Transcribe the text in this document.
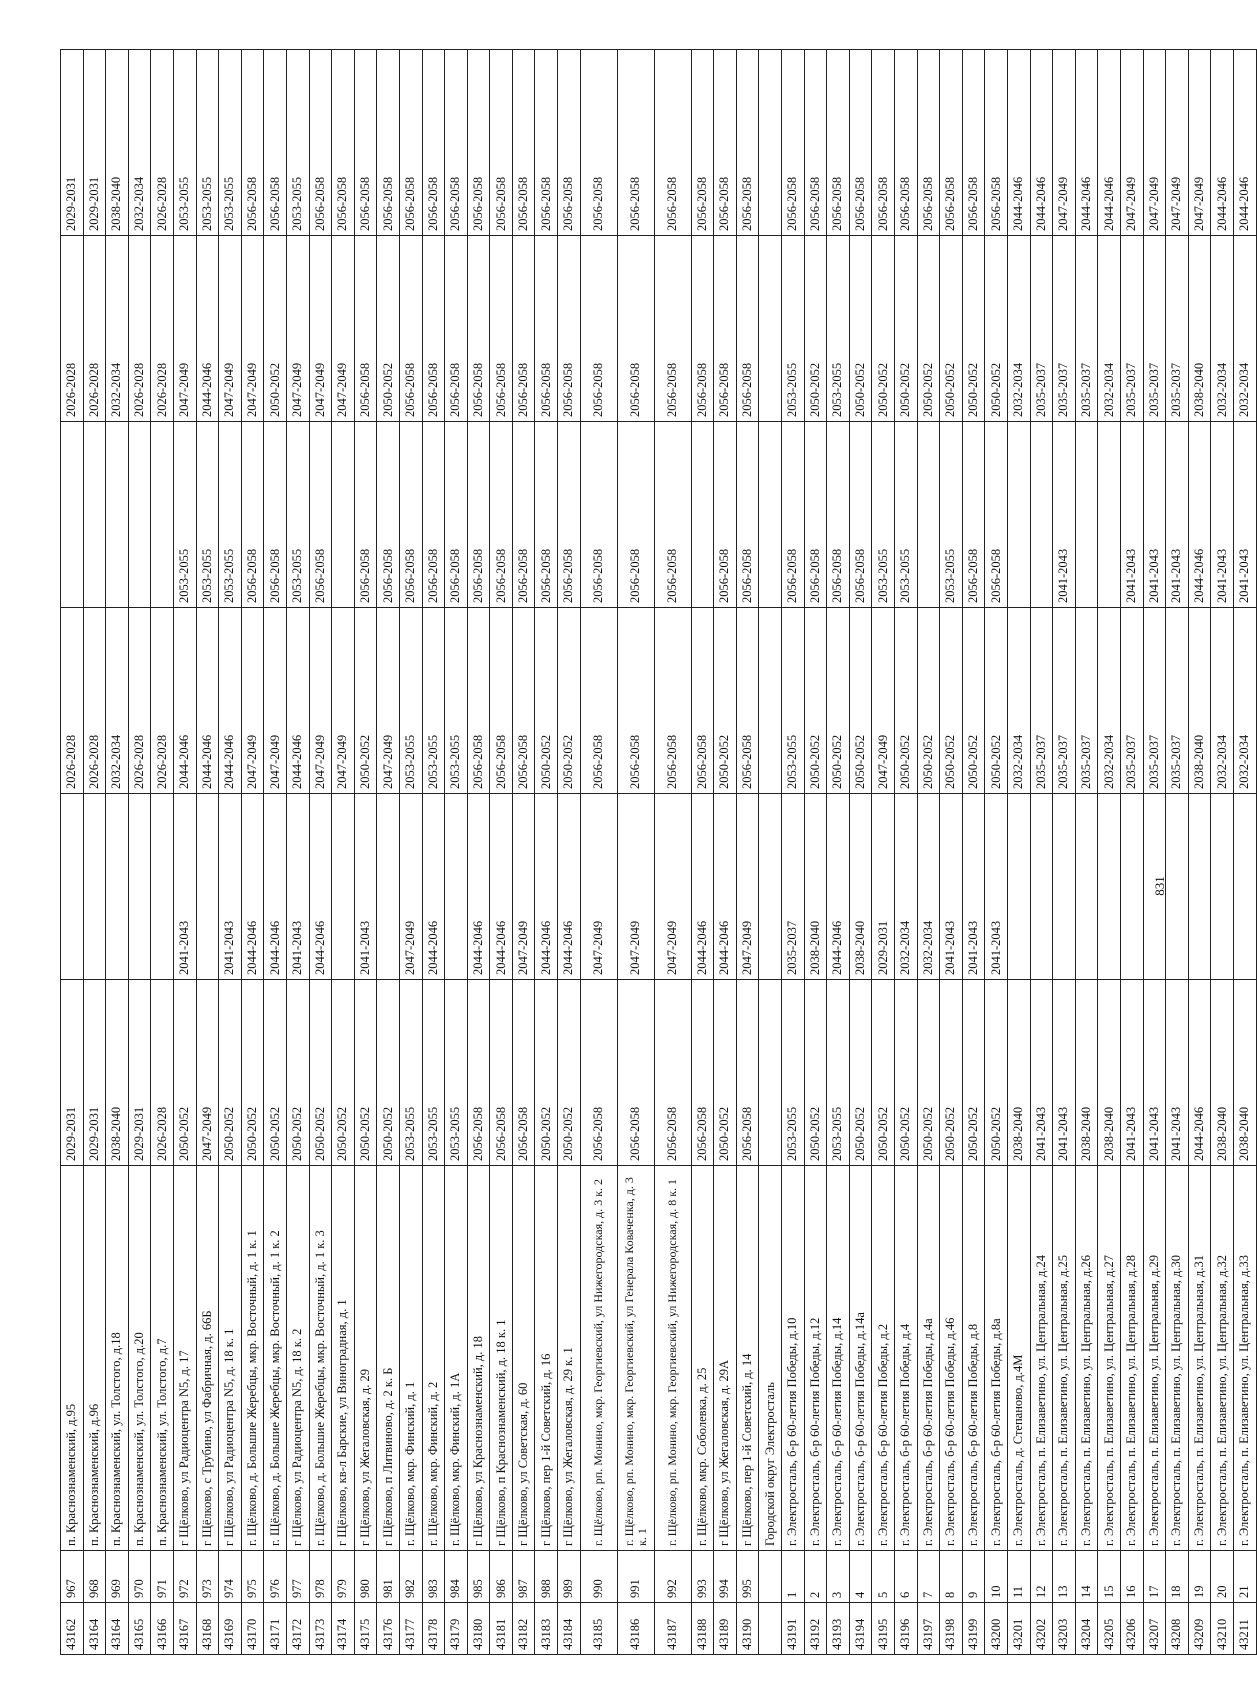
43162	967	п. Краснознаменский, д.95	2029-2031		2026-2028		2026-2028	2029-2031
43164	968	п. Краснознаменский, д.96	2029-2031		2026-2028		2026-2028	2029-2031
43164	969	п. Краснознаменский, ул. Толстого, д.18	2038-2040		2032-2034		2032-2034	2038-2040
43165	970	п. Краснознаменский, ул. Толстого, д.20	2029-2031		2026-2028		2026-2028	2032-2034
43166	971	п. Краснознаменский, ул. Толстого, д.7	2026-2028		2026-2028		2026-2028	2026-2028
43167	972	г Щёлково, ул Радиоцентра N5, д. 17	2050-2052	2041-2043	2044-2046	2053-2055	2047-2049	2053-2055
43168	973	г Щёлково, с Трубино, ул Фабричная, д. 66Б	2047-2049		2044-2046	2053-2055	2044-2046	2053-2055
43169	974	г Щёлково, ул Радиоцентра N5, д. 18 к. 1	2050-2052	2041-2043	2044-2046	2053-2055	2047-2049	2053-2055
43170	975	г. Щёлково, д. Большие Жеребцы, мкр. Восточный, д. 1 к. 1	2050-2052	2044-2046	2047-2049	2056-2058	2047-2049	2056-2058
43171	976	г. Щёлково, д. Большие Жеребцы, мкр. Восточный, д. 1 к. 2	2050-2052	2044-2046	2047-2049	2056-2058	2050-2052	2056-2058
43172	977	г Щёлково, ул Радиоцентра N5, д. 18 к. 2	2050-2052	2041-2043	2044-2046	2053-2055	2047-2049	2053-2055
43173	978	г. Щёлково, д. Большие Жеребцы, мкр. Восточный, д. 1 к. 3	2050-2052	2044-2046	2047-2049	2056-2058	2047-2049	2056-2058
43174	979	г Щёлково, кв-л Барские, ул Виноградная, д. 1	2050-2052		2047-2049		2047-2049	2056-2058
43175	980	г Щёлково, ул Жегаловская, д. 29	2050-2052	2041-2043	2050-2052	2056-2058	2056-2058	2056-2058
43176	981	г Щёлково, п Литвиново, д. 2 к. Б	2050-2052		2047-2049	2056-2058	2050-2052	2056-2058
43177	982	г. Щёлково, мкр. Финский, д. 1	2053-2055	2047-2049	2053-2055	2056-2058	2056-2058	2056-2058
43178	983	г. Щёлково, мкр. Финский, д. 2	2053-2055	2044-2046	2053-2055	2056-2058	2056-2058	2056-2058
43179	984	г. Щёлково, мкр. Финский, д. 1А	2053-2055		2053-2055	2056-2058	2056-2058	2056-2058
43180	985	г Щёлково, ул Краснознаменский, д. 18	2056-2058	2044-2046	2056-2058	2056-2058	2056-2058	2056-2058
43181	986	г Щёлково, п Краснознаменский, д. 18 к. 1	2056-2058	2044-2046	2056-2058	2056-2058	2056-2058	2056-2058
43182	987	г Щёлково, ул Советская, д. 60	2056-2058	2047-2049	2056-2058	2056-2058	2056-2058	2056-2058
43183	988	г Щёлково, пер 1-й Советский, д. 16	2050-2052	2044-2046	2050-2052	2056-2058	2056-2058	2056-2058
43184	989	г Щёлково, ул Жегаловская, д. 29 к. 1	2050-2052	2044-2046	2050-2052	2056-2058	2056-2058	2056-2058
43185	990	г. Щёлково, рп. Монино, мкр. Георгиевский, ул Нижегородская, д. 3 к. 2	2056-2058	2047-2049	2056-2058	2056-2058	2056-2058	2056-2058
43186	991	г. Щёлково, рп. Монино, мкр. Георгиевский, ул Генерала Коваченка, д. 3 к. 1	2056-2058	2047-2049	2056-2058	2056-2058	2056-2058	2056-2058
43187	992	г. Щёлково, рп. Монино, мкр. Георгиевский, ул Нижегородская, д. 8 к. 1	2056-2058	2047-2049	2056-2058	2056-2058	2056-2058	2056-2058
43188	993	г. Щёлково, мкр. Соболевка, д. 25	2056-2058	2044-2046	2056-2058		2056-2058	2056-2058
43189	994	г Щёлково, ул Жегаловская, д. 29А	2050-2052	2044-2046	2050-2052	2056-2058	2056-2058	2056-2058
43190	995	г Щёлково, пер 1-й Советский, д. 14	2056-2058	2047-2049	2056-2058	2056-2058	2056-2058	2056-2058
		Городской округ Электросталь						
43191	1	г. Электросталь, б-р 60-летия Победы, д.10	2053-2055	2035-2037	2053-2055	2056-2058	2053-2055	2056-2058
43192	2	г. Электросталь, б-р 60-летия Победы, д.12	2050-2052	2038-2040	2050-2052	2056-2058	2050-2052	2056-2058
43193	3	г. Электросталь, б-р 60-летия Победы, д.14	2053-2055	2044-2046	2050-2052	2056-2058	2053-2055	2056-2058
43194	4	г. Электросталь, б-р 60-летия Победы, д.14а	2050-2052	2038-2040	2050-2052	2056-2058	2050-2052	2056-2058
43195	5	г. Электросталь, б-р 60-летия Победы, д.2	2050-2052	2029-2031	2047-2049	2053-2055	2050-2052	2056-2058
43196	6	г. Электросталь, б-р 60-летия Победы, д.4	2050-2052	2032-2034	2050-2052	2053-2055	2050-2052	2056-2058
43197	7	г. Электросталь, б-р 60-летия Победы, д.4а	2050-2052	2032-2034	2050-2052		2050-2052	2056-2058
43198	8	г. Электросталь, б-р 60-летия Победы, д.46	2050-2052	2041-2043	2050-2052	2053-2055	2050-2052	2056-2058
43199	9	г. Электросталь, б-р 60-летия Победы, д.8	2050-2052	2041-2043	2050-2052	2056-2058	2050-2052	2056-2058
43200	10	г. Электросталь, б-р 60-летия Победы, д.8а	2050-2052	2041-2043	2050-2052	2056-2058	2050-2052	2056-2058
43201	11	г. Электросталь, д. Степаново, д.4М	2038-2040		2032-2034		2032-2034	2044-2046
43202	12	г. Электросталь, п. Елизаветино, ул. Центральная, д.24	2041-2043		2035-2037		2035-2037	2044-2046
43203	13	г. Электросталь, п. Елизаветино, ул. Центральная, д.25	2041-2043		2035-2037	2041-2043	2035-2037	2047-2049
43204	14	г. Электросталь, п. Елизаветино, ул. Центральная, д.26	2038-2040		2035-2037		2035-2037	2044-2046
43205	15	г. Электросталь, п. Елизаветино, ул. Центральная, д.27	2038-2040		2032-2034		2032-2034	2044-2046
43206	16	г. Электросталь, п. Елизаветино, ул. Центральная, д.28	2041-2043		2035-2037	2041-2043	2035-2037	2047-2049
43207	17	г. Электросталь, п. Елизаветино, ул. Центральная, д.29	2041-2043		2035-2037	2041-2043	2035-2037	2047-2049
43208	18	г. Электросталь, п. Елизаветино, ул. Центральная, д.30	2041-2043		2035-2037	2041-2043	2035-2037	2047-2049
43209	19	г. Электросталь, п. Елизаветино, ул. Центральная, д.31	2044-2046		2038-2040	2044-2046	2038-2040	2047-2049
43210	20	г. Электросталь, п. Елизаветино, ул. Центральная, д.32	2038-2040		2032-2034	2041-2043	2032-2034	2044-2046
43211	21	г. Электросталь, п. Елизаветино, ул. Центральная, д.33	2038-2040		2032-2034	2041-2043	2032-2034	2044-2046
831
